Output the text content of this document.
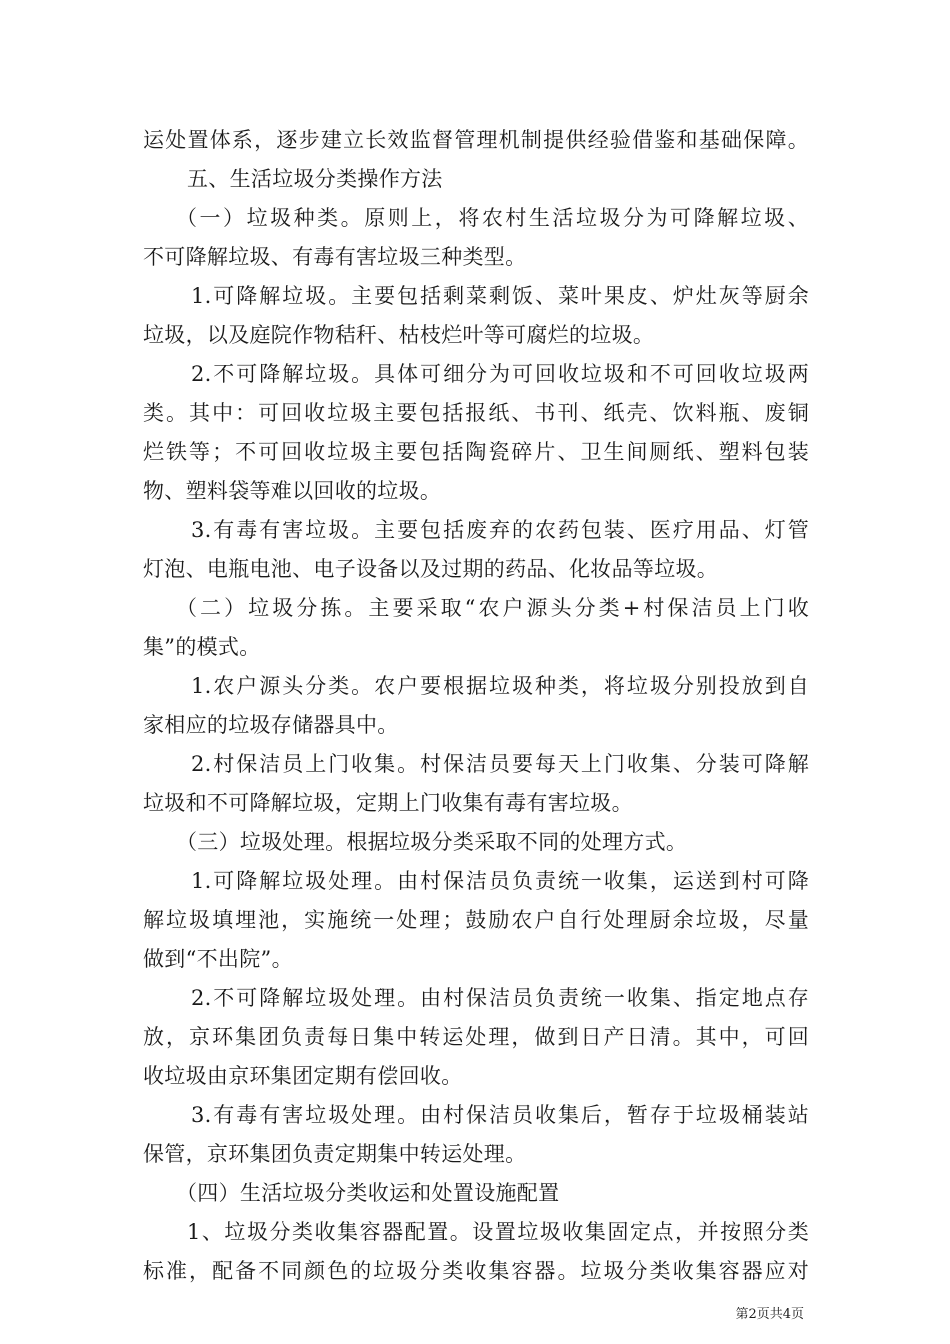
运处置体系，逐步建立长效监督管理机制提供经验借鉴和基础保障。
五、生活垃圾分类操作方法
（一）垃圾种类。原则上，将农村生活垃圾分为可降解垃圾、
不可降解垃圾、有毒有害垃圾三种类型。
1.可降解垃圾。主要包括剩菜剩饭、菜叶果皮、炉灶灰等厨余
垃圾，以及庭院作物秸秆、枯枝烂叶等可腐烂的垃圾。
2.不可降解垃圾。具体可细分为可回收垃圾和不可回收垃圾两
类。其中：可回收垃圾主要包括报纸、书刊、纸壳、饮料瓶、废铜
烂铁等；不可回收垃圾主要包括陶瓷碎片、卫生间厕纸、塑料包装
物、塑料袋等难以回收的垃圾。
3.有毒有害垃圾。主要包括废弃的农药包装、医疗用品、灯管
灯泡、电瓶电池、电子设备以及过期的药品、化妆品等垃圾。
（二）垃圾分拣。主要采取“农户源头分类+村保洁员上门收
集”的模式。
1.农户源头分类。农户要根据垃圾种类，将垃圾分别投放到自
家相应的垃圾存储器具中。
2.村保洁员上门收集。村保洁员要每天上门收集、分装可降解
垃圾和不可降解垃圾，定期上门收集有毒有害垃圾。
（三）垃圾处理。根据垃圾分类采取不同的处理方式。
1.可降解垃圾处理。由村保洁员负责统一收集，运送到村可降
解垃圾填埋池，实施统一处理；鼓励农户自行处理厨余垃圾，尽量
做到“不出院”。
2.不可降解垃圾处理。由村保洁员负责统一收集、指定地点存
放，京环集团负责每日集中转运处理，做到日产日清。其中，可回
收垃圾由京环集团定期有偿回收。
3.有毒有害垃圾处理。由村保洁员收集后，暂存于垃圾桶装站
保管，京环集团负责定期集中转运处理。
（四）生活垃圾分类收运和处置设施配置
1、垃圾分类收集容器配置。设置垃圾收集固定点，并按照分类
标准，配备不同颜色的垃圾分类收集容器。垃圾分类收集容器应对
第2页共4页
